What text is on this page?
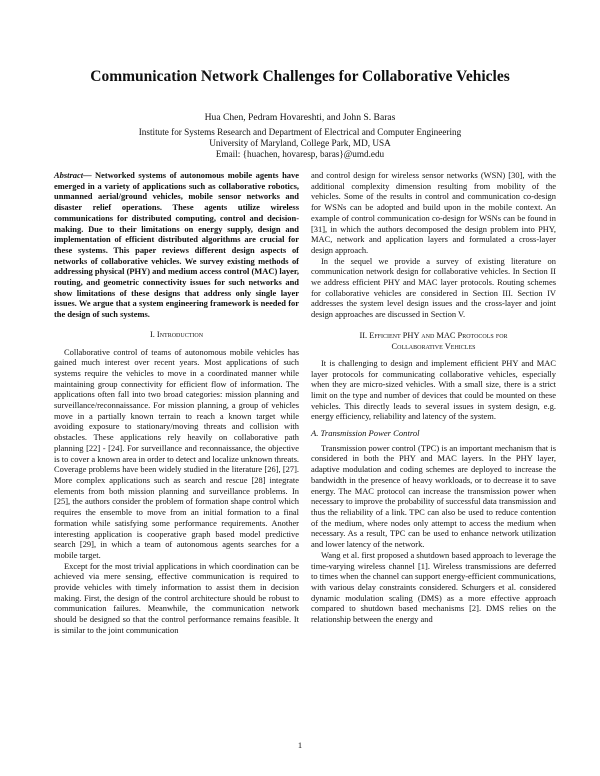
Communication Network Challenges for Collaborative Vehicles
Hua Chen, Pedram Hovareshti, and John S. Baras
Institute for Systems Research and Department of Electrical and Computer Engineering
University of Maryland, College Park, MD, USA
Email: {huachen, hovaresp, baras}@umd.edu

Abstract— Networked systems of autonomous mobile agents have emerged in a variety of applications such as collaborative robotics, unmanned aerial/ground vehicles, mobile sensor networks and disaster relief operations. These agents utilize wireless communications for distributed computing, control and decision-making. Due to their limitations on energy supply, design and implementation of efficient distributed algorithms are crucial for these systems. This paper reviews different design aspects of networks of collaborative vehicles. We survey existing methods of addressing physical (PHY) and medium access control (MAC) layer, routing, and geometric connectivity issues for such networks and show limitations of these designs that address only single layer issues. We argue that a system engineering framework is needed for the design of such systems.

I. Introduction

Collaborative control of teams of autonomous mobile vehicles has gained much interest over recent years. Most applications of such systems require the vehicles to move in a coordinated manner while maintaining group connectivity for efficient flow of information. The applications often fall into two broad categories: mission planning and surveillance/reconnaissance. For mission planning, a group of vehicles move in a partially known terrain to reach a known target while avoiding exposure to stationary/moving threats and collision with obstacles. These applications rely heavily on collaborative path planning [22] - [24]. For surveillance and reconnaissance, the objective is to cover a known area in order to detect and localize unknown threats. Coverage problems have been widely studied in the literature [26], [27]. More complex applications such as search and rescue [28] integrate elements from both mission planning and surveillance problems. In [25], the authors consider the problem of formation shape control which requires the ensemble to move from an initial formation to a final formation while satisfying some performance requirements. Another interesting application is cooperative graph based model predictive search [29], in which a team of autonomous agents searches for a mobile target.

Except for the most trivial applications in which coordination can be achieved via mere sensing, effective communication is required to provide vehicles with timely information to assist them in decision making. First, the design of the control architecture should be robust to communication failures. Meanwhile, the communication network should be designed so that the control performance remains feasible. It is similar to the joint communication

and control design for wireless sensor networks (WSN) [30], with the additional complexity dimension resulting from mobility of the vehicles. Some of the results in control and communication co-design for WSNs can be adopted and build upon in the mobile context. An example of control communication co-design for WSNs can be found in [31], in which the authors decomposed the design problem into PHY, MAC, network and application layers and formulated a cross-layer design approach.

In the sequel we provide a survey of existing literature on communication network design for collaborative vehicles. In Section II we address efficient PHY and MAC layer protocols. Routing schemes for collaborative vehicles are considered in Section III. Section IV addresses the system level design issues and the cross-layer and joint design approaches are discussed in Section V.

II. Efficient PHY and MAC Protocols for
Collaborative Vehicles

It is challenging to design and implement efficient PHY and MAC layer protocols for communicating collaborative vehicles, especially when they are micro-sized vehicles. With a small size, there is a strict limit on the type and number of devices that could be mounted on these vehicles. This directly leads to several issues in system design, e.g. energy efficiency, reliability and latency of the system.

A. Transmission Power Control

Transmission power control (TPC) is an important mechanism that is considered in both the PHY and MAC layers. In the PHY layer, adaptive modulation and coding schemes are deployed to increase the bandwidth in the presence of heavy workloads, or to decrease it to save energy. The MAC protocol can increase the transmission power when necessary to improve the probability of successful data transmission and thus the reliability of a link. TPC can also be used to reduce contention of the medium, where nodes only attempt to access the medium when necessary. As a result, TPC can be used to enhance network utilization and lower latency of the network.

Wang et al. first proposed a shutdown based approach to leverage the time-varying wireless channel [1]. Wireless transmissions are deferred to times when the channel can support energy-efficient communications, with various delay constraints considered. Schurgers et al. considered dynamic modulation scaling (DMS) as a more effective approach compared to shutdown based mechanisms [2]. DMS relies on the relationship between the energy and

1
